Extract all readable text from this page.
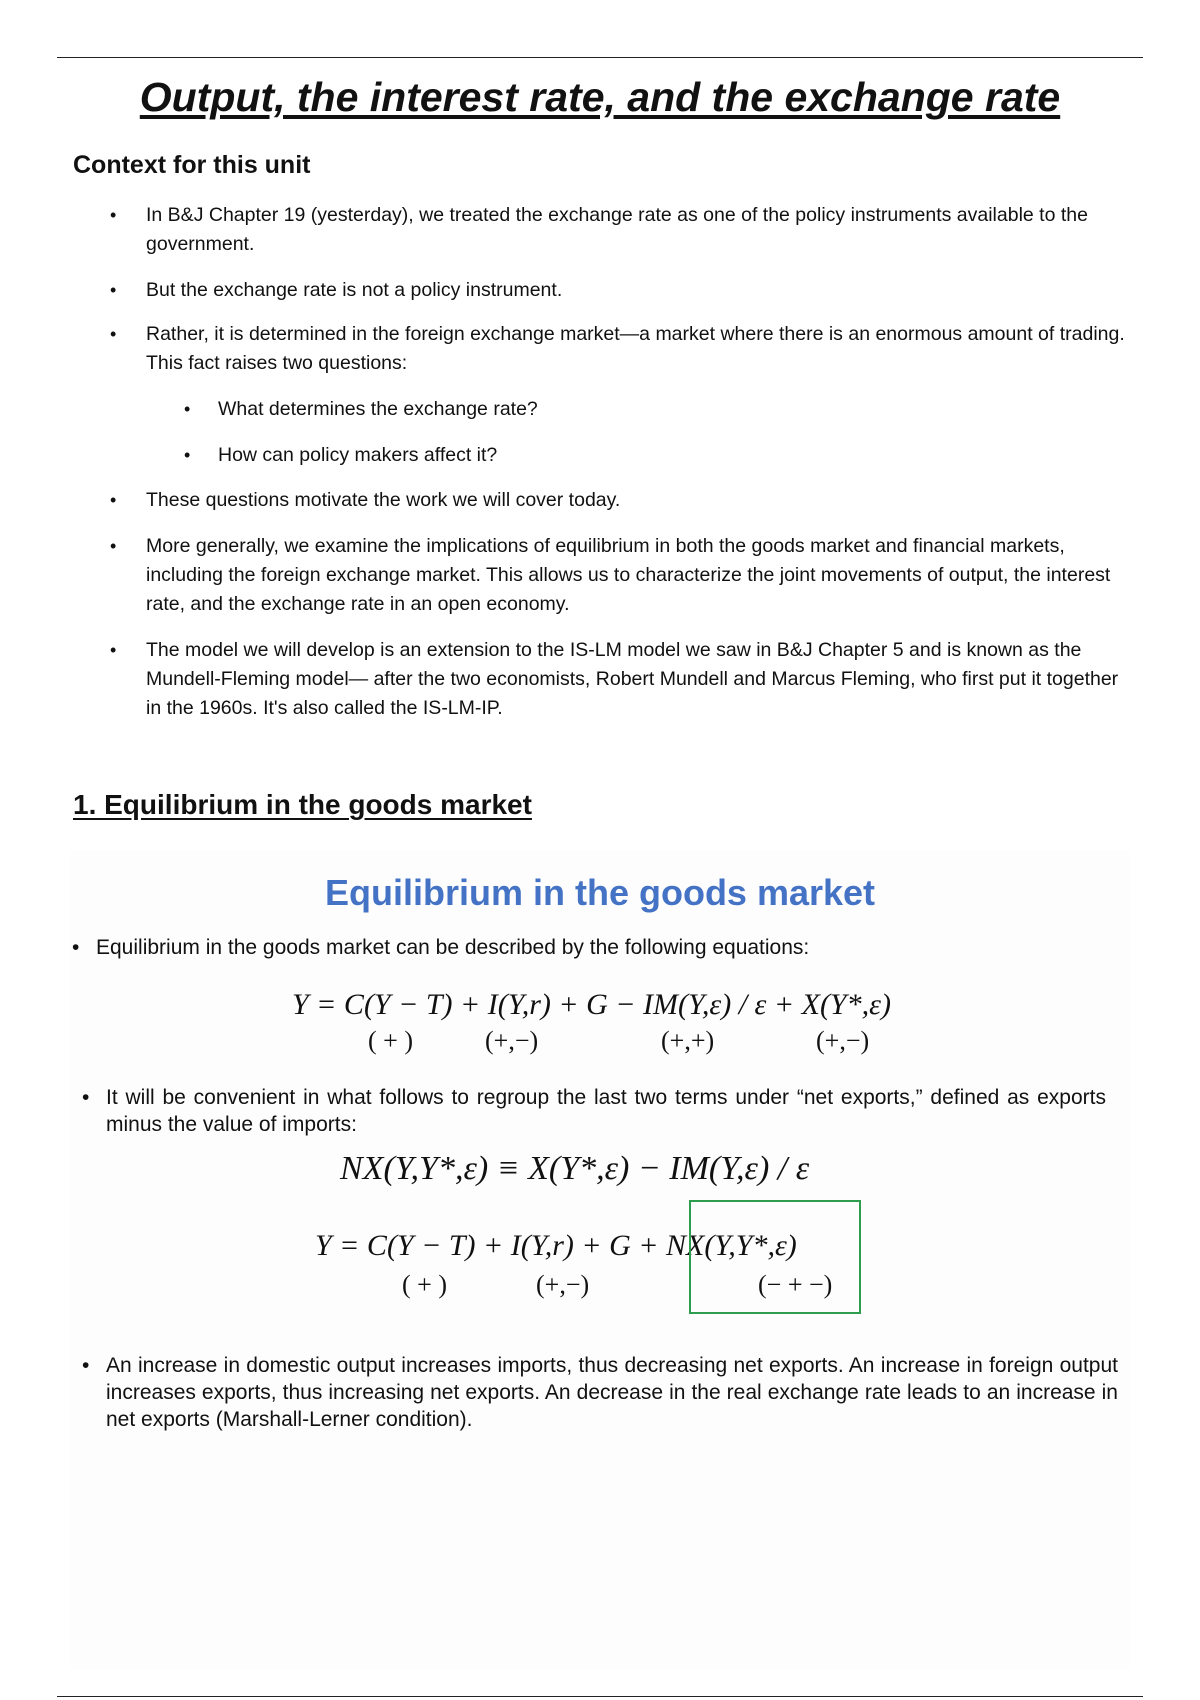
Output, the interest rate, and the exchange rate
Context for this unit
• In B&J Chapter 19 (yesterday), we treated the exchange rate as one of the policy instruments available to the government.
• But the exchange rate is not a policy instrument.
• Rather, it is determined in the foreign exchange market—a market where there is an enormous amount of trading. This fact raises two questions:
• What determines the exchange rate?
• How can policy makers affect it?
• These questions motivate the work we will cover today.
• More generally, we examine the implications of equilibrium in both the goods market and financial markets, including the foreign exchange market. This allows us to characterize the joint movements of output, the interest rate, and the exchange rate in an open economy.
• The model we will develop is an extension to the IS-LM model we saw in B&J Chapter 5 and is known as the Mundell-Fleming model— after the two economists, Robert Mundell and Marcus Fleming, who first put it together in the 1960s. It's also called the IS-LM-IP.
1. Equilibrium in the goods market
Equilibrium in the goods market
• Equilibrium in the goods market can be described by the following equations:
Y = C(Y − T) + I(Y,r) + G − IM(Y,ε) / ε + X(Y*,ε)
( + )	(+,−)	(+,+)	(+,−)
• It will be convenient in what follows to regroup the last two terms under “net exports,” defined as exports minus the value of imports:
NX(Y,Y*,ε) ≡ X(Y*,ε) − IM(Y,ε) / ε
Y = C(Y − T) + I(Y,r) + G + NX(Y,Y*,ε)
( + )	(+,−)	(− + −)
• An increase in domestic output increases imports, thus decreasing net exports. An increase in foreign output increases exports, thus increasing net exports. An decrease in the real exchange rate leads to an increase in net exports (Marshall-Lerner condition).
